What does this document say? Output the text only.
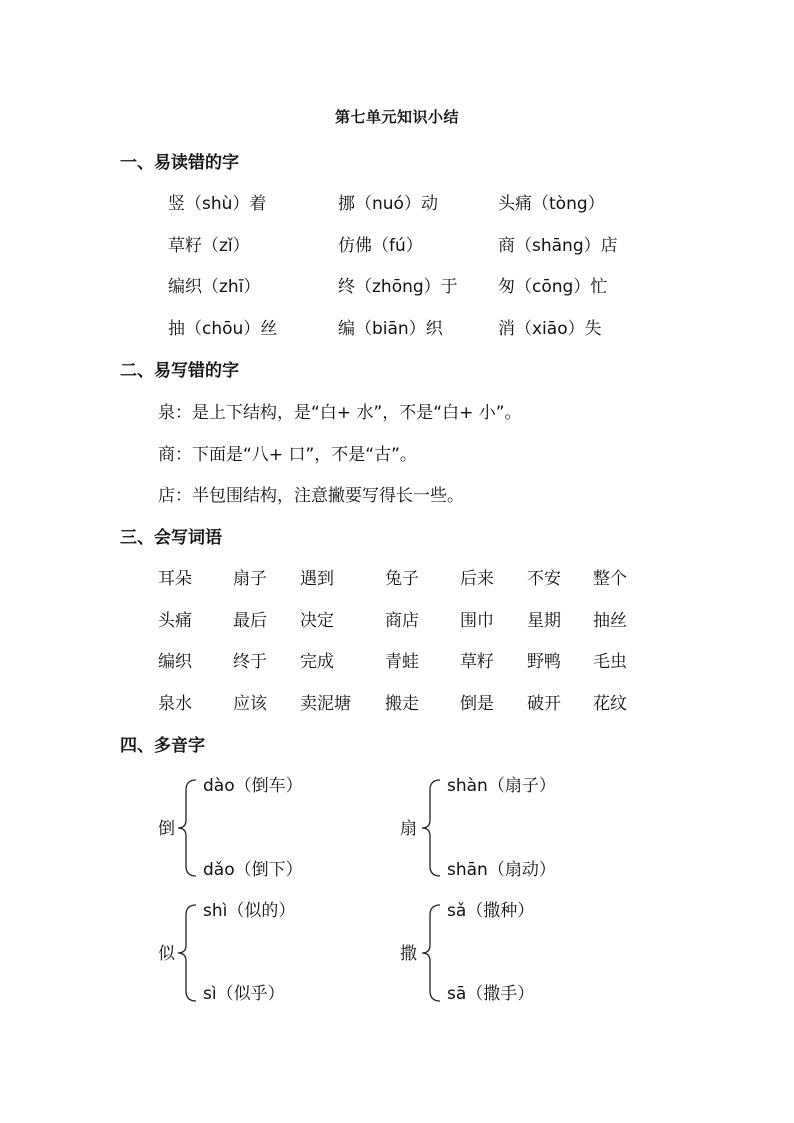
第七单元知识小结
一、易读错的字
竖（shù）着	挪（nuó）动	头痛（tòng）
草籽（zǐ）	仿佛（fú）	商（shāng）店
编织（zhī）	终（zhōng）于 匆（cōng）忙
抽（chōu）丝	编（biān）织	消（xiāo）失
二、易写错的字
泉：是上下结构，是“白+ 水”，不是“白+ 小”。
商：下面是“八+ 口”，不是“古”。
店：半包围结构，注意撇要写得长一些。
三、会写词语
耳朵 扇子 遇到	兔子 后来 不安 整个
头痛 最后 决定	商店 围巾 星期 抽丝
编织 终于 完成	青蛙 草籽 野鸭 毛虫
泉水 应该 卖泥塘 搬走 倒是 破开 花纹
四、多音字
倒
dào（倒车）
dǎo（倒下）
扇
shàn（扇子）
shān（扇动）
似
shì（似的）
sì（似乎）
撒
sǎ（撒种）
sā（撒手）
